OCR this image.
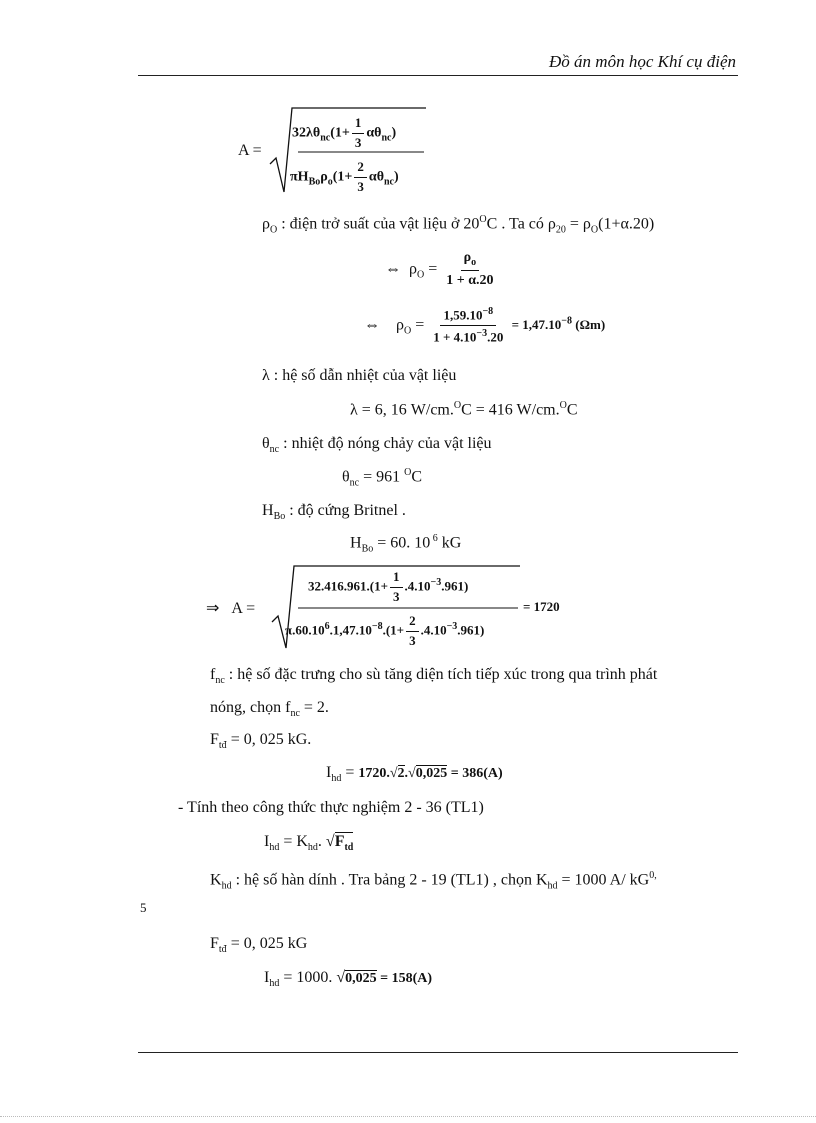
Đồ án môn học Khí cụ điện
A =
$32\lambda\theta_{nc}(1+ \frac{1}{3} \alpha\theta_{nc})$
$\pi H_{Bo}\rho_o(1+ \frac{2}{3} \alpha\theta_{nc})$
$\rho_O$ : điện trở suất của vật liệu ở $20^OC$ . Ta có $\rho_{20} = \rho_O(1+\alpha.20)$
⇔ $\rho_O = \frac{\rho_o}{1 + \alpha.20}$
⇔ $\rho_O = \frac{1,59.10^{-8}}{1 + 4.10^{-3}.20} = 1,47.10^{-8}$ (Ωm)
λ : hệ số dẫn nhiệt của vật liệu
λ = 6, 16 W/cm.$^O$C = 416 W/cm.$^O$C
$\theta_{nc}$ : nhiệt độ nóng chảy của vật liệu
$\theta_{nc} = 961$ $^O$C
$H_{Bo}$ : độ cứng Britnel .
$H_{Bo} = 60$. 10 $^6$ kG
⇒ A =
$32.416.961.(1+ \frac{1}{3} .4.10^{-3}.961)$
$\pi.60.10^6.1,47.10^{-8}.(1+ \frac{2}{3} .4.10^{-3}.961)$
= 1720
$f_{nc}$ : hệ số đặc trưng cho sù tăng diện tích tiếp xúc trong qua trình phát
nóng, chọn $f_{nc} = 2$.
$F_{tđ} = 0$, 025 kG.
$I_{hd} = 1720.√2.√0,025 = 386(A)$
- Tính theo công thức thực nghiệm 2 - 36 (TL1)
$I_{hd} = K_{hd}$. $√F_{td}$
$K_{hd}$ : hệ số hàn dính . Tra bảng 2 - 19 (TL1) , chọn $K_{hd} = 1000$ A/ $kG^{0,}$
5
$F_{tđ} = 0$, 025 kG
$I_{hd} = 1000$. √0,025 = 158(A)
